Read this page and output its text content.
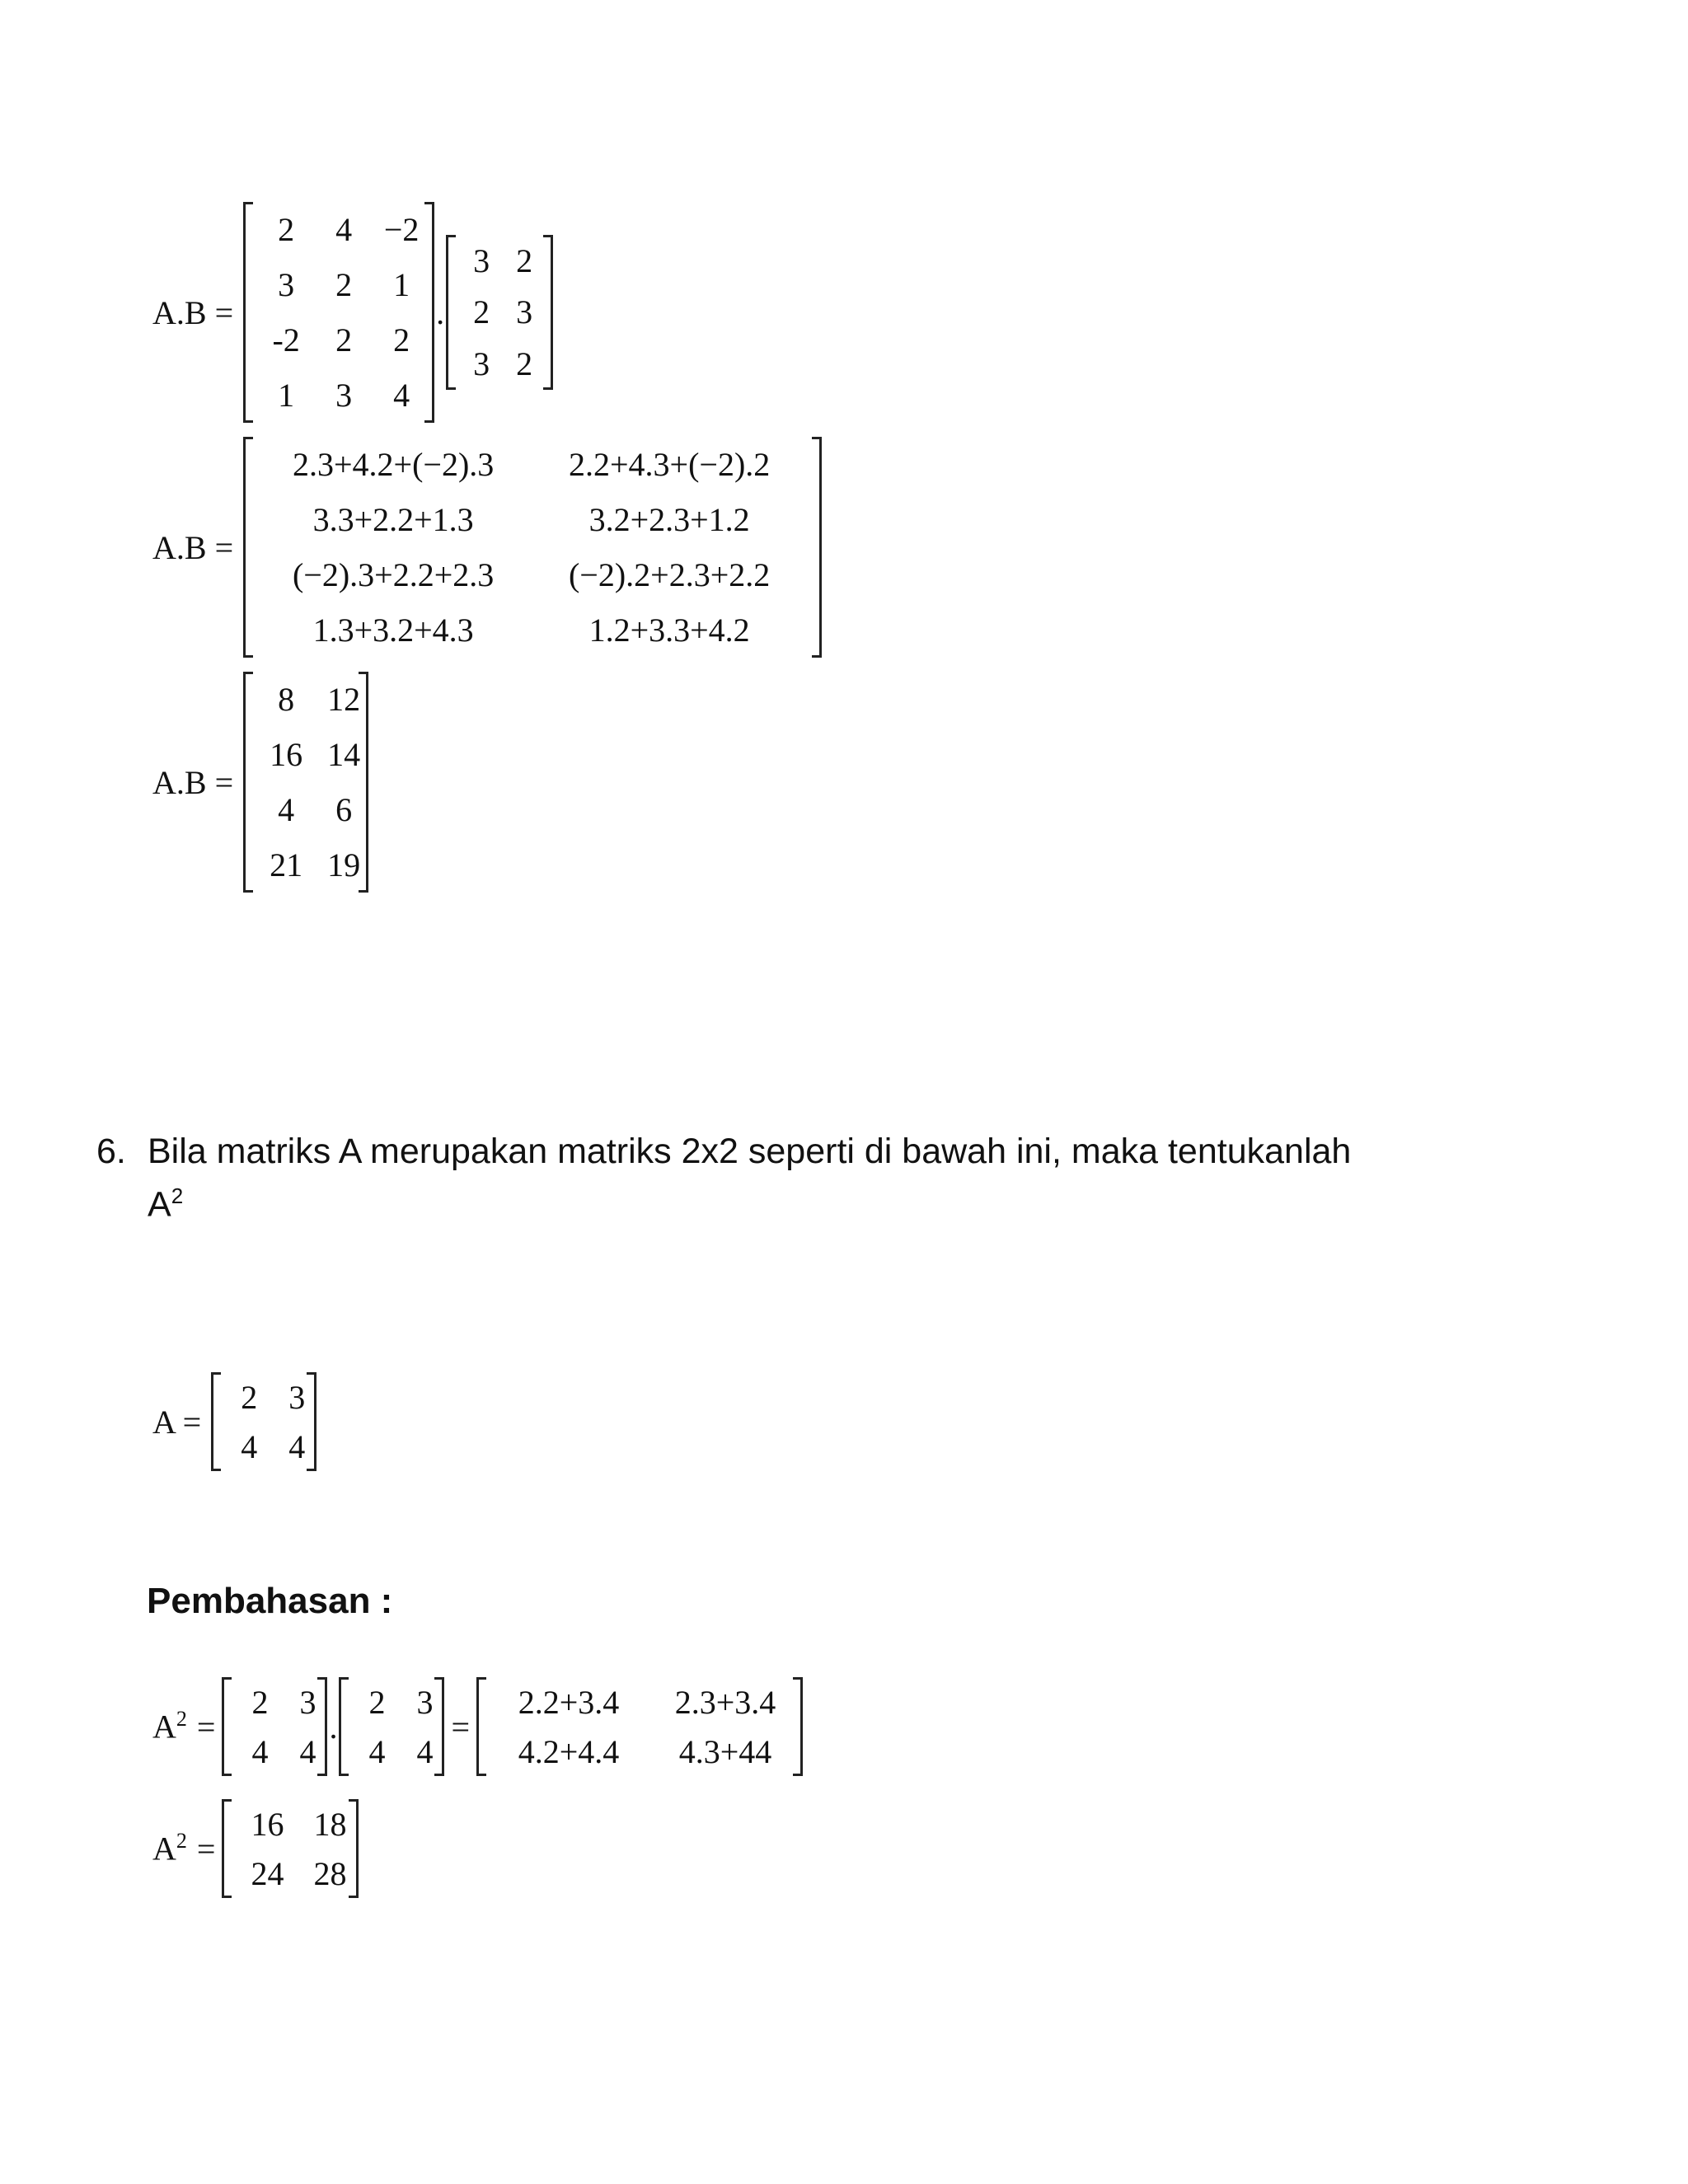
A.B =
2	4 −2
3	2	1
-2	2	2
1	3	4
.
3 2
2 3
3 2
A.B =
2.3+4.2+(−2).3	2.2+4.3+(−2).2
3.3+2.2+1.3	3.2+2.3+1.2
(−2).3+2.2+2.3	(−2).2+2.3+2.2
1.3+3.2+4.3	1.2+3.3+4.2
A.B =
8	12
16 14
4	6
21 19
6. Bila matriks A merupakan matriks 2x2 seperti di bawah ini, maka tentukanlah
$A^2$
A =
2 3
4 4
Pembahasan :
$A^2$ =
2 3
4 4
.
2 3
4 4
=
2.2+3.4	2.3+3.4
4.2+4.4	4.3+44
$A^2$ =
16 18
24 28
